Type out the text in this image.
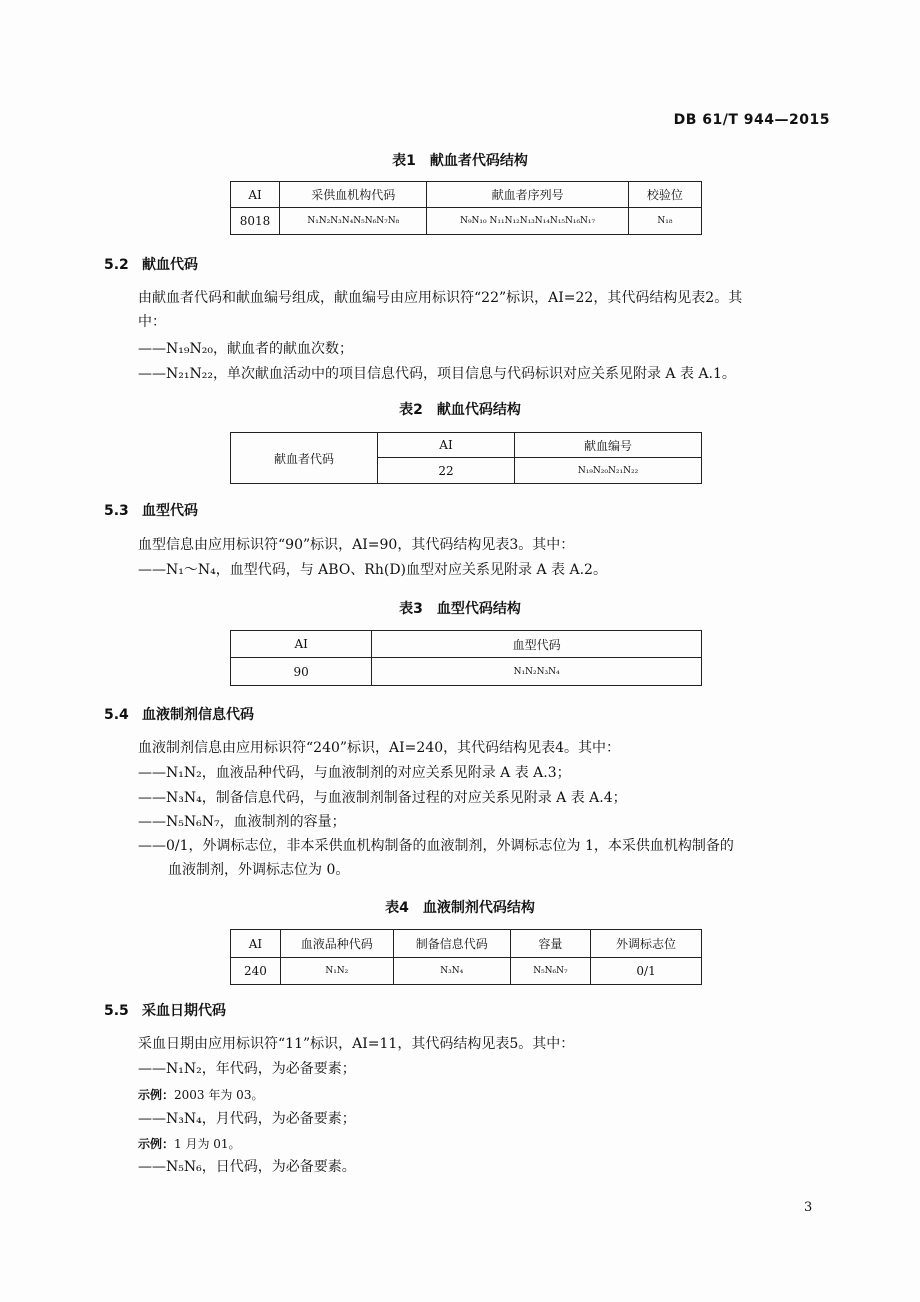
DB 61/T 944—2015
表1 献血者代码结构
AI	采供血机构代码	献血者序列号	校验位
8018	N₁N₂N₃N₄N₅N₆N₇N₈	N₉N₁₀ N₁₁N₁₂N₁₃N₁₄N₁₅N₁₆N₁₇	N₁₈
5.2 献血代码
由献血者代码和献血编号组成，献血编号由应用标识符“22”标识，AI=22，其代码结构见表2。其
中：
——N₁₉N₂₀，献血者的献血次数；
——N₂₁N₂₂，单次献血活动中的项目信息代码，项目信息与代码标识对应关系见附录 A 表 A.1。
表2 献血代码结构
献血者代码	AI	献血编号
	22	N₁₉N₂₀N₂₁N₂₂
5.3 血型代码
血型信息由应用标识符“90”标识，AI=90，其代码结构见表3。其中：
——N₁～N₄，血型代码，与 ABO、Rh(D)血型对应关系见附录 A 表 A.2。
表3 血型代码结构
AI	血型代码
90	N₁N₂N₃N₄
5.4 血液制剂信息代码
血液制剂信息由应用标识符“240”标识，AI=240，其代码结构见表4。其中：
——N₁N₂，血液品种代码，与血液制剂的对应关系见附录 A 表 A.3；
——N₃N₄，制备信息代码，与血液制剂制备过程的对应关系见附录 A 表 A.4；
——N₅N₆N₇，血液制剂的容量；
——0/1，外调标志位，非本采供血机构制备的血液制剂，外调标志位为 1，本采供血机构制备的
血液制剂，外调标志位为 0。
表4 血液制剂代码结构
AI	血液品种代码	制备信息代码	容量	外调标志位
240	N₁N₂	N₃N₄	N₅N₆N₇	0/1
5.5 采血日期代码
采血日期由应用标识符“11”标识，AI=11，其代码结构见表5。其中：
——N₁N₂，年代码，为必备要素；
示例：2003 年为 03。
——N₃N₄，月代码，为必备要素；
示例：1 月为 01。
——N₅N₆，日代码，为必备要素。
3
